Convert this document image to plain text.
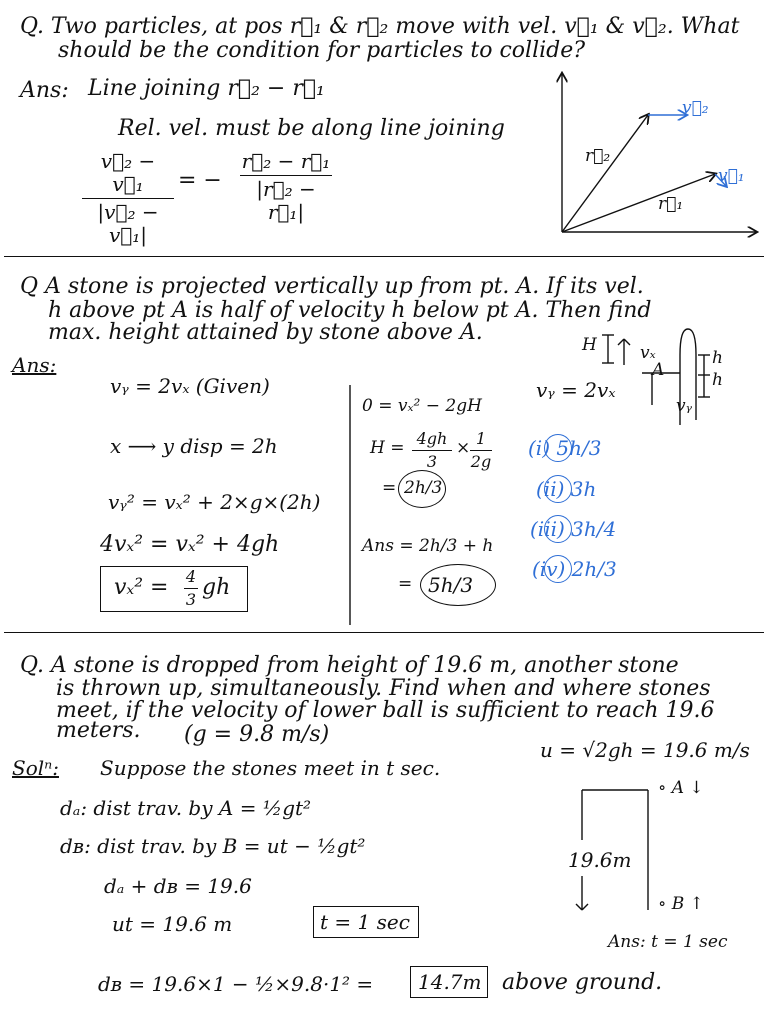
Q. Two particles, at pos r⃗₁ & r⃗₂ move with vel. v⃗₁ & v⃗₂. What
should be the condition for particles to collide?
Ans: Line joining r⃗₂ − r⃗₁
Rel. vel. must be along line joining
v⃗₂ − v⃗₁
|v⃗₂ − v⃗₁|
= −
r⃗₂ − r⃗₁
|r⃗₂ − r⃗₁|
r⃗₂
v⃗₂
r⃗₁
v⃗₁
Q A stone is projected vertically up from pt. A. If its vel.
h above pt A is half of velocity h below pt A. Then find
max. height attained by stone above A.
Ans:
vᵧ = 2vₓ (Given)
x ⟶ y disp = 2h
vᵧ² = vₓ² + 2×g×(2h)
4vₓ² = vₓ² + 4gh
vₓ² = 4
3 gh
0 = vₓ² − 2gH
H = 4gh
3
× 1
2g
= 2h/3
Ans = 2h/3 + h
= 5h/3
vᵧ = 2vₓ
(i) 5h/3
(ii) 3h
(iii) 3h/4
(iv) 2h/3
H	vₓ
A
h
h
vᵧ
Q. A stone is dropped from height of 19.6 m, another stone
is thrown up, simultaneously. Find when and where stones
meet, if the velocity of lower ball is sufficient to reach 19.6
meters. (g = 9.8 m/s)
u = √2gh = 19.6 m/s
Solⁿ: Suppose the stones meet in t sec.
dₐ: dist trav. by A = ½gt²
dʙ: dist trav. by B = ut − ½gt²
dₐ + dʙ = 19.6
ut = 19.6 m	t = 1 sec
dʙ = 19.6×1 − ½×9.8·1² = 14.7m above ground.
∘ A ↓
19.6m
∘ B ↑
Ans: t = 1 sec
